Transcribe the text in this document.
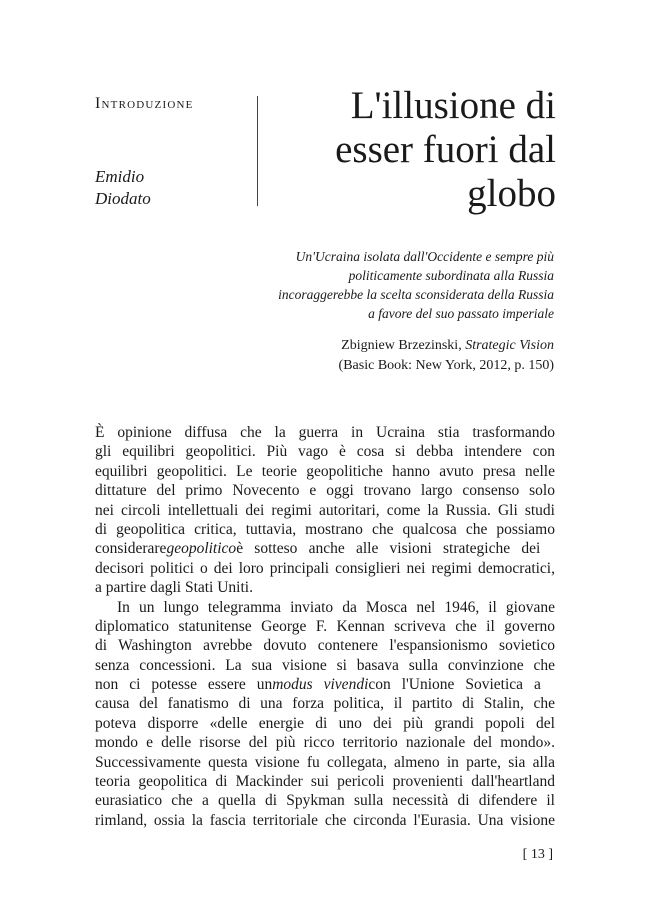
Introduzione
Emidio
Diodato
L'illusione di
esser fuori dal
globo
Un'Ucraina isolata dall'Occidente e sempre più
politicamente subordinata alla Russia
incoraggerebbe la scelta sconsiderata della Russia
a favore del suo passato imperiale
Zbigniew Brzezinski, Strategic Vision
(Basic Book: New York, 2012, p. 150)
È opinione diffusa che la guerra in Ucraina stia trasformando
gli equilibri geopolitici. Più vago è cosa si debba intendere con
equilibri geopolitici. Le teorie geopolitiche hanno avuto presa nelle
dittature del primo Novecento e oggi trovano largo consenso solo
nei circoli intellettuali dei regimi autoritari, come la Russia. Gli studi
di geopolitica critica, tuttavia, mostrano che qualcosa che possiamo
consideraregeopoliticoè sotteso anche alle visioni strategiche dei
decisori politici o dei loro principali consiglieri nei regimi democratici,
a partire dagli Stati Uniti.
In un lungo telegramma inviato da Mosca nel 1946, il giovane
diplomatico statunitense George F. Kennan scriveva che il governo
di Washington avrebbe dovuto contenere l'espansionismo sovietico
senza concessioni. La sua visione si basava sulla convinzione che
non ci potesse essere unmodus vivendicon l'Unione Sovietica a
causa del fanatismo di una forza politica, il partito di Stalin, che
poteva disporre «delle energie di uno dei più grandi popoli del
mondo e delle risorse del più ricco territorio nazionale del mondo».
Successivamente questa visione fu collegata, almeno in parte, sia alla
teoria geopolitica di Mackinder sui pericoli provenienti dall'heartland
eurasiatico che a quella di Spykman sulla necessità di difendere il
rimland, ossia la fascia territoriale che circonda l'Eurasia. Una visione
[ 13 ]
